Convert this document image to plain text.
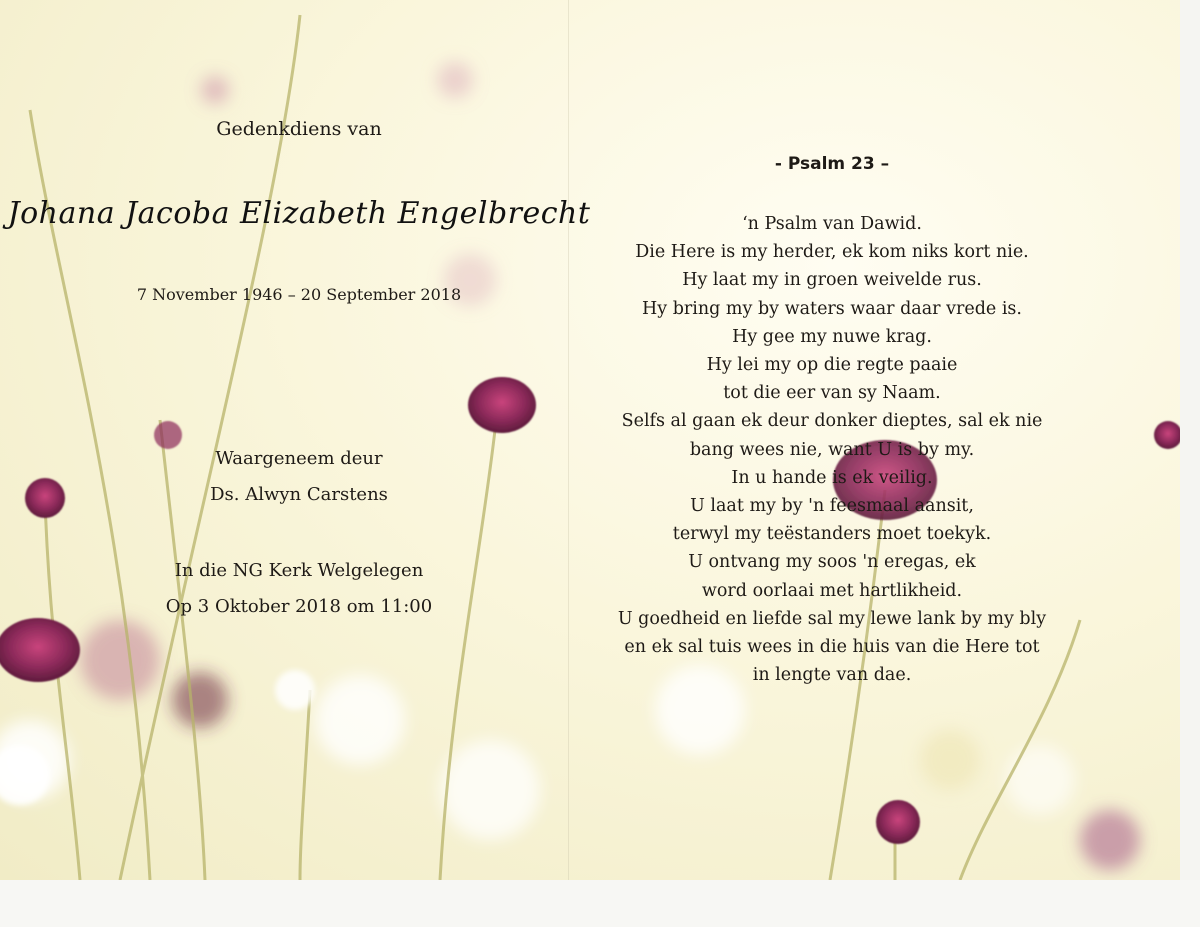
Gedenkdiens van
Johana Jacoba Elizabeth Engelbrecht
7 November 1946 – 20 September 2018
Waargeneem deur
Ds. Alwyn Carstens
In die NG Kerk Welgelegen
Op 3 Oktober 2018 om 11:00
- Psalm 23 –
‘n Psalm van Dawid.
Die Here is my herder, ek kom niks kort nie.
Hy laat my in groen weivelde rus.
Hy bring my by waters waar daar vrede is.
Hy gee my nuwe krag.
Hy lei my op die regte paaie
tot die eer van sy Naam.
Selfs al gaan ek deur donker dieptes, sal ek nie
bang wees nie, want U is by my.
In u hande is ek veilig.
U laat my by 'n feesmaal aansit,
terwyl my teëstanders moet toekyk.
U ontvang my soos 'n eregas, ek
word oorlaai met hartlikheid.
U goedheid en liefde sal my lewe lank by my bly
en ek sal tuis wees in die huis van die Here tot
in lengte van dae.
